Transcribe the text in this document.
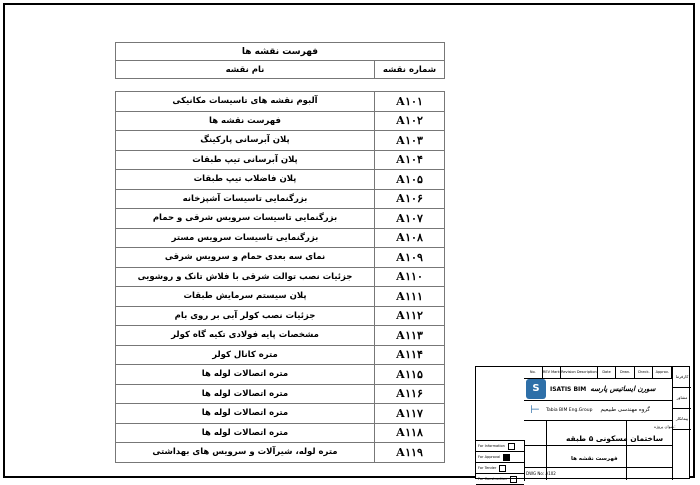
فهرست نقشه ها	
شماره نقشه	نام نقشه

A۱۰۱	آلبوم نقشه های تاسیسات مکانیکی
A۱۰۲	فهرست نقشه ها
A۱۰۳	پلان آبرسانی پارکینگ
A۱۰۴	پلان آبرسانی تیپ طبقات
A۱۰۵	پلان فاضلاب تیپ طبقات
A۱۰۶	بزرگنمایی تاسیسات آشپزخانه
A۱۰۷	بزرگنمایی تاسیسات سرویس شرقی و حمام
A۱۰۸	بزرگنمایی تاسیسات سرویس مستر
A۱۰۹	نمای سه بعدی حمام و سرویس شرقی
A۱۱۰	جزئیات نصب توالت شرقی با فلاش تانک و روشویی
A۱۱۱	پلان سیستم سرمایش طبقات
A۱۱۲	جزئیات نصب کولر آبی بر روی بام
A۱۱۳	مشخصات پایه فولادی تکیه گاه کولر
A۱۱۴	متره کانال کولر
A۱۱۵	متره اتصالات لوله ها
A۱۱۶	متره اتصالات لوله ها
A۱۱۷	متره اتصالات لوله ها
A۱۱۸	متره اتصالات لوله ها
A۱۱۹	متره لوله، شیرآلات و سرویس های بهداشتی
No.	REV Mark Revision Description	Date	Drwn.	Check.	Approv.
S	ISATIS BIM سورن ایساتیس پارسه
⊢	Tabia BIM Eng.Group گروه مهندسی طبیعیم
کارفرما
مشاور
پیمانکار
عنوان پروژه:
ساختمان مسکونی ۵ طبقه
فهرست نقشه ها
DWG No: A102
For Information
For Approval
For Tender
For Construction
